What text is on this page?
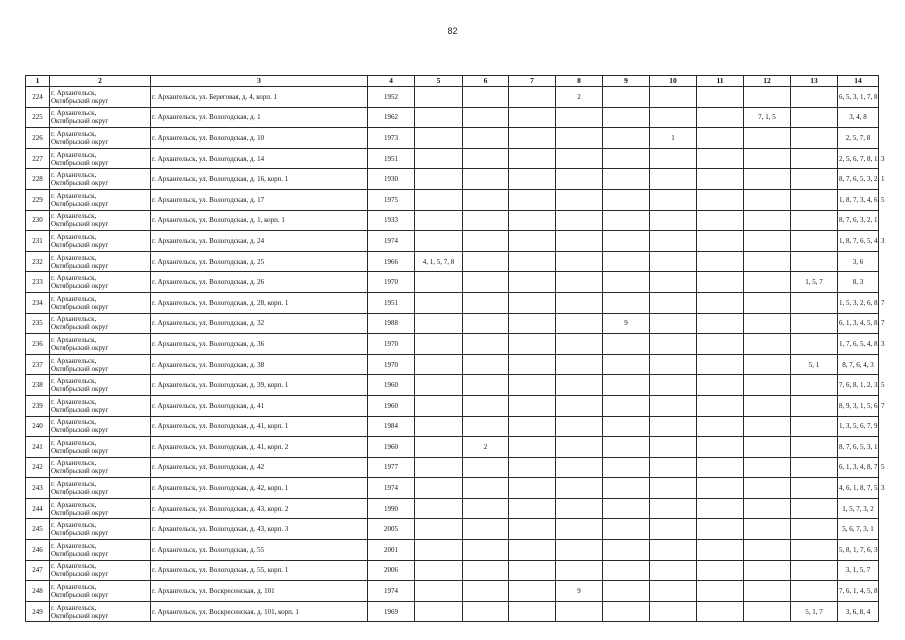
82
1	2	3	4	5	6	7	8	9	10	11	12	13	14
224	г. Архангельск,
Октябрьский округ	г. Архангельск, ул. Береговая, д. 4, корп. 1	1952				2						6, 5, 3, 1, 7, 8
225	г. Архангельск,
Октябрьский округ	г. Архангельск, ул. Вологодская, д. 1	1962								7, 1, 5		3, 4, 8
226	г. Архангельск,
Октябрьский округ	г. Архангельск, ул. Вологодская, д. 10	1973						1				2, 5, 7, 8
227	г. Архангельск,
Октябрьский округ	г. Архангельск, ул. Вологодская, д. 14	1951										2, 5, 6, 7, 8, 1, 3
228	г. Архангельск,
Октябрьский округ	г. Архангельск, ул. Вологодская, д. 16, корп. 1	1930										8, 7, 6, 5, 3, 2, 1
229	г. Архангельск,
Октябрьский округ	г. Архангельск, ул. Вологодская, д. 17	1975										1, 8, 7, 3, 4, 6, 5
230	г. Архангельск,
Октябрьский округ	г. Архангельск, ул. Вологодская, д. 1, корп. 1	1933										8, 7, 6, 3, 2, 1
231	г. Архангельск,
Октябрьский округ	г. Архангельск, ул. Вологодская, д. 24	1974										1, 8, 7, 6, 5, 4, 3
232	г. Архангельск,
Октябрьский округ	г. Архангельск, ул. Вологодская, д. 25	1966	4, 1, 5, 7, 8									3, 6
233	г. Архангельск,
Октябрьский округ	г. Архангельск, ул. Вологодская, д. 26	1970									1, 5, 7	8, 3
234	г. Архангельск,
Октябрьский округ	г. Архангельск, ул. Вологодская, д. 28, корп. 1	1951										1, 5, 3, 2, 6, 8, 7
235	г. Архангельск,
Октябрьский округ	г. Архангельск, ул. Вологодская, д. 32	1988					9					6, 1, 3, 4, 5, 8, 7
236	г. Архангельск,
Октябрьский округ	г. Архангельск, ул. Вологодская, д. 36	1970										1, 7, 6, 5, 4, 8, 3
237	г. Архангельск,
Октябрьский округ	г. Архангельск, ул. Вологодская, д. 38	1970									5, 1	8, 7, 6, 4, 3
238	г. Архангельск,
Октябрьский округ	г. Архангельск, ул. Вологодская, д. 39, корп. 1	1960										7, 6, 8, 1, 2, 3, 5
239	г. Архангельск,
Октябрьский округ	г. Архангельск, ул. Вологодская, д. 41	1960										8, 9, 3, 1, 5, 6, 7
240	г. Архангельск,
Октябрьский округ	г. Архангельск, ул. Вологодская, д. 41, корп. 1	1984										1, 3, 5, 6, 7, 9
241	г. Архангельск,
Октябрьский округ	г. Архангельск, ул. Вологодская, д. 41, корп. 2	1960		2								8, 7, 6, 5, 3, 1
242	г. Архангельск,
Октябрьский округ	г. Архангельск, ул. Вологодская, д. 42	1977										6, 1, 3, 4, 8, 7, 5
243	г. Архангельск,
Октябрьский округ	г. Архангельск, ул. Вологодская, д. 42, корп. 1	1974										4, 6, 1, 8, 7, 5, 3
244	г. Архангельск,
Октябрьский округ	г. Архангельск, ул. Вологодская, д. 43, корп. 2	1990										1, 5, 7, 3, 2
245	г. Архангельск,
Октябрьский округ	г. Архангельск, ул. Вологодская, д. 43, корп. 3	2005										5, 6, 7, 3, 1
246	г. Архангельск,
Октябрьский округ	г. Архангельск, ул. Вологодская, д. 55	2001										5, 8, 1, 7, 6, 3
247	г. Архангельск,
Октябрьский округ	г. Архангельск, ул. Вологодская, д. 55, корп. 1	2006										3, 1, 5, 7
248	г. Архангельск,
Октябрьский округ	г. Архангельск, ул. Воскресенская, д. 101	1974				9						7, 6, 1, 4, 5, 8
249	г. Архангельск,
Октябрьский округ	г. Архангельск, ул. Воскресенская, д. 101, корп. 1	1969									5, 1, 7	3, 6, 8, 4
